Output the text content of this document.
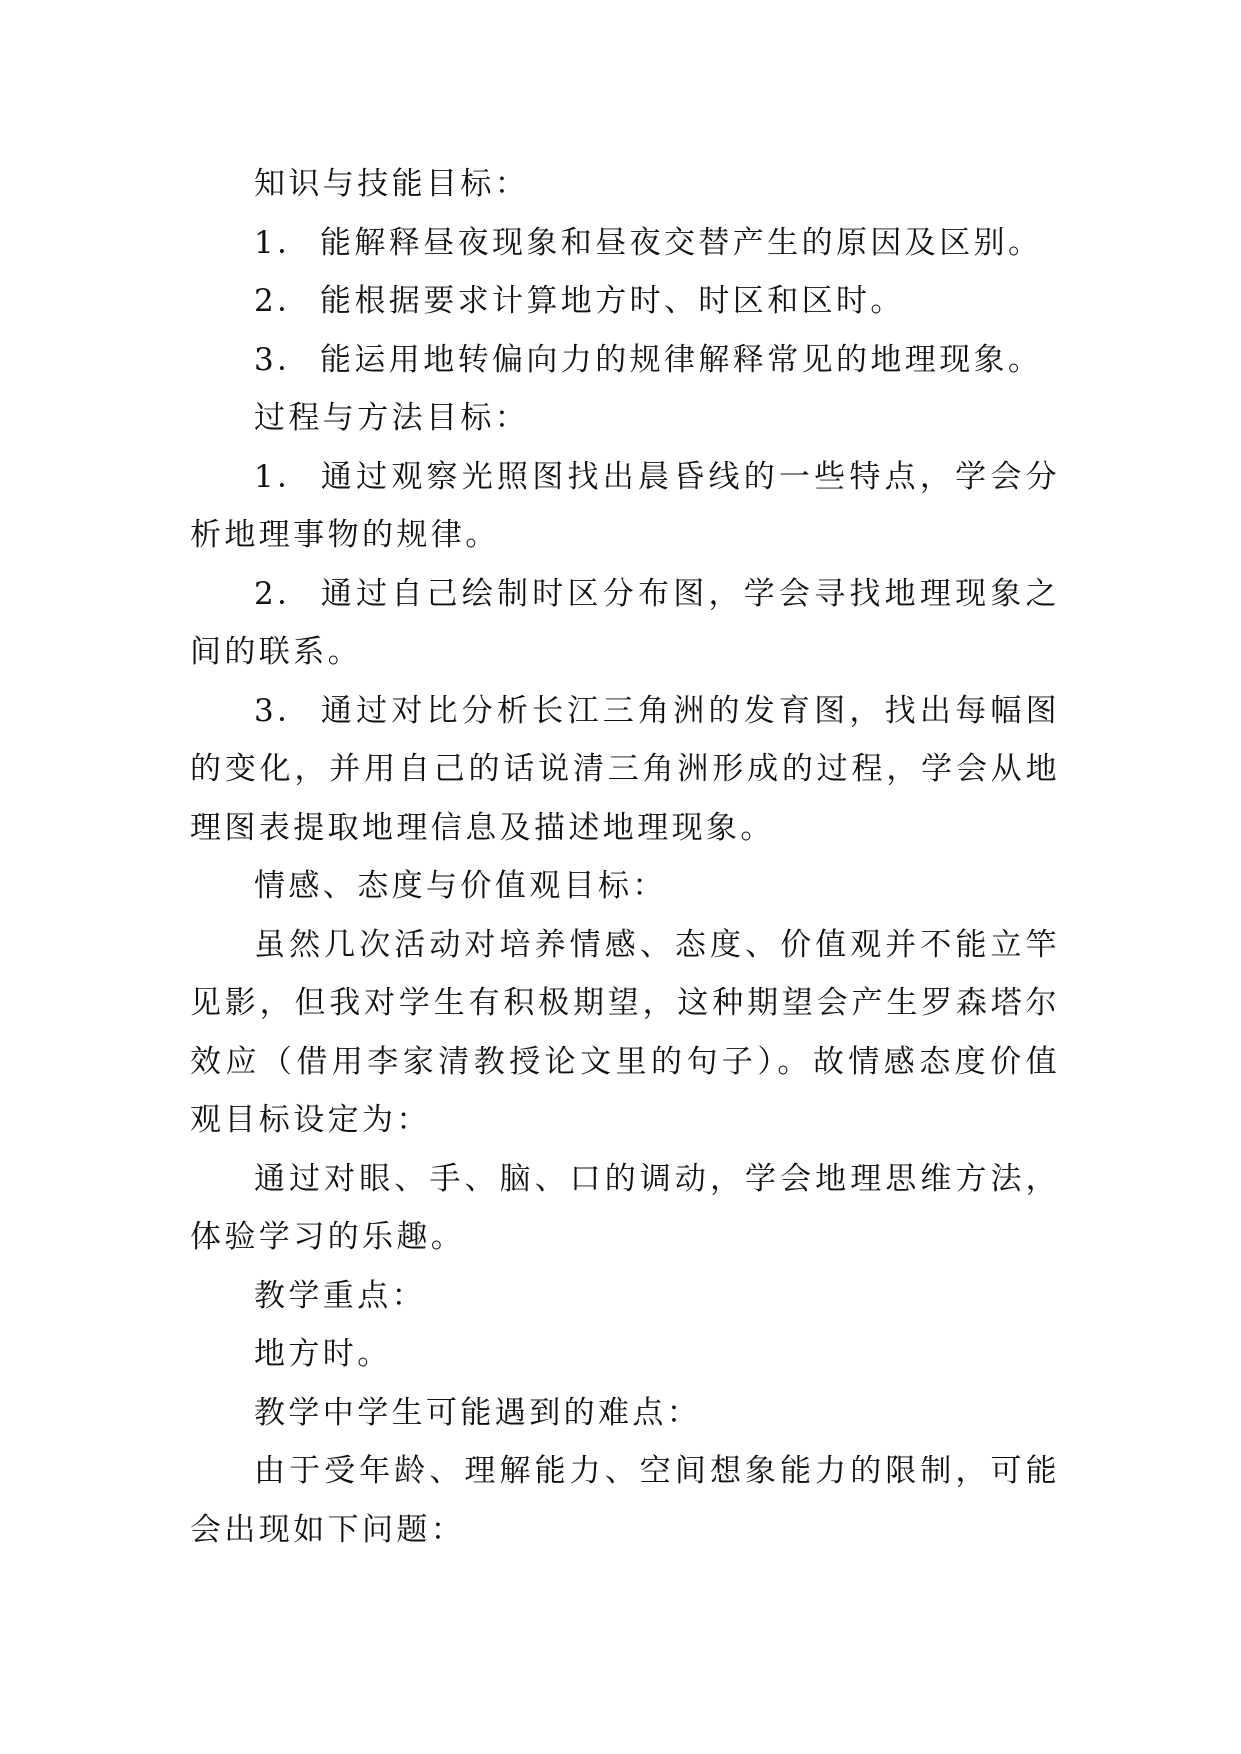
知识与技能目标：

1． 能解释昼夜现象和昼夜交替产生的原因及区别。

2． 能根据要求计算地方时、时区和区时。

3． 能运用地转偏向力的规律解释常见的地理现象。

过程与方法目标：

1． 通过观察光照图找出晨昏线的一些特点，学会分析地理事物的规律。

2． 通过自己绘制时区分布图，学会寻找地理现象之间的联系。

3． 通过对比分析长江三角洲的发育图，找出每幅图的变化，并用自己的话说清三角洲形成的过程，学会从地理图表提取地理信息及描述地理现象。

情感、态度与价值观目标：

虽然几次活动对培养情感、态度、价值观并不能立竿见影，但我对学生有积极期望，这种期望会产生罗森塔尔效应（借用李家清教授论文里的句子）。故情感态度价值观目标设定为：

通过对眼、手、脑、口的调动，学会地理思维方法，体验学习的乐趣。

教学重点：

地方时。

教学中学生可能遇到的难点：

由于受年龄、理解能力、空间想象能力的限制，可能会出现如下问题：
